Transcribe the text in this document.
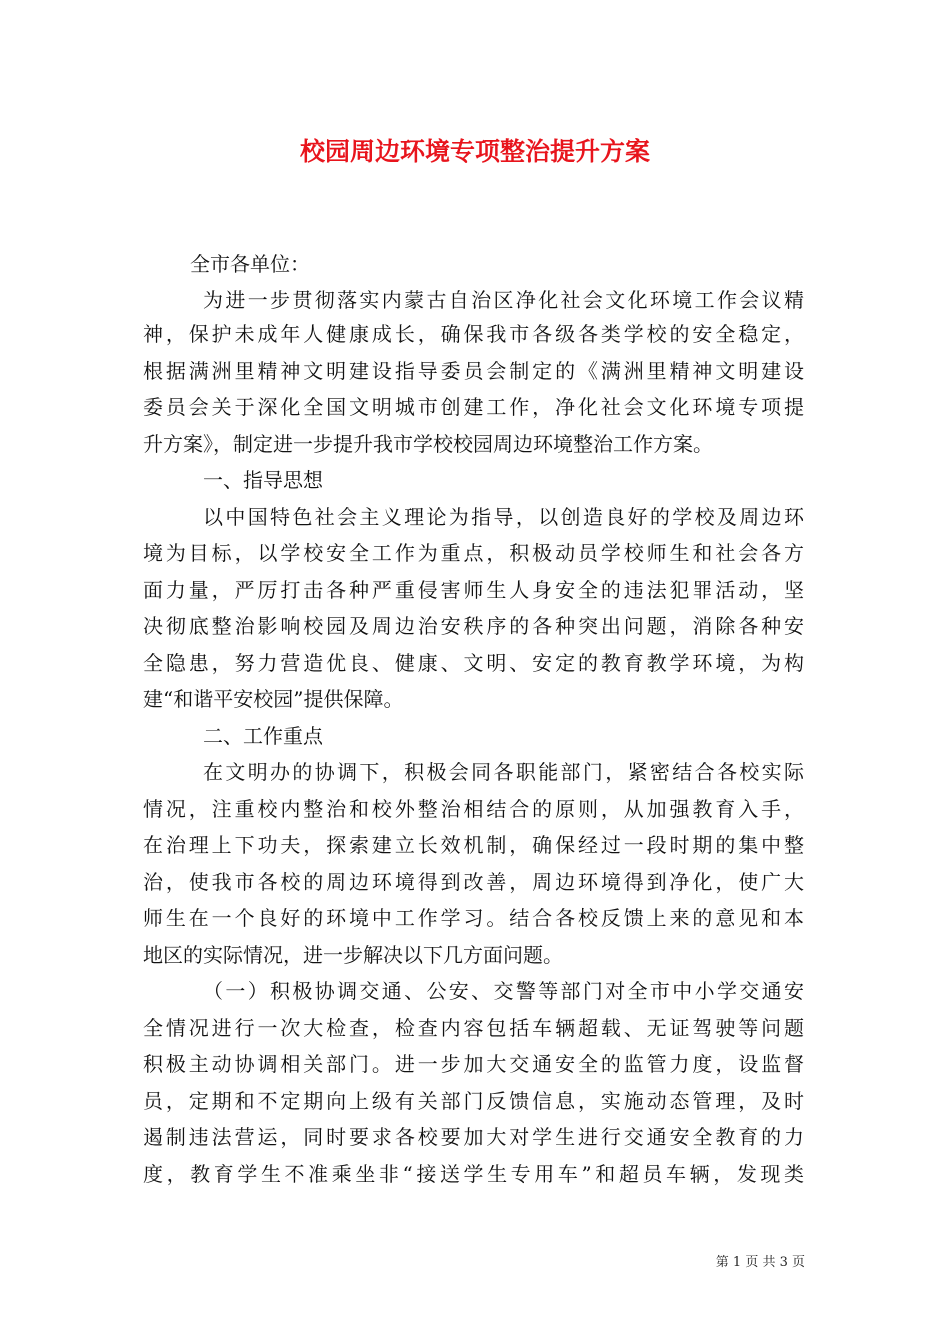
校园周边环境专项整治提升方案

全市各单位：

为进一步贯彻落实内蒙古自治区净化社会文化环境工作会议精

神，保护未成年人健康成长，确保我市各级各类学校的安全稳定，

根据满洲里精神文明建设指导委员会制定的《满洲里精神文明建设

委员会关于深化全国文明城市创建工作，净化社会文化环境专项提

升方案》，制定进一步提升我市学校校园周边环境整治工作方案。

一、指导思想

以中国特色社会主义理论为指导，以创造良好的学校及周边环

境为目标，以学校安全工作为重点，积极动员学校师生和社会各方

面力量，严厉打击各种严重侵害师生人身安全的违法犯罪活动，坚

决彻底整治影响校园及周边治安秩序的各种突出问题，消除各种安

全隐患，努力营造优良、健康、文明、安定的教育教学环境，为构

建“和谐平安校园”提供保障。

二、工作重点

在文明办的协调下，积极会同各职能部门，紧密结合各校实际

情况，注重校内整治和校外整治相结合的原则，从加强教育入手，

在治理上下功夫，探索建立长效机制，确保经过一段时期的集中整

治，使我市各校的周边环境得到改善，周边环境得到净化，使广大

师生在一个良好的环境中工作学习。结合各校反馈上来的意见和本

地区的实际情况，进一步解决以下几方面问题。

（一）积极协调交通、公安、交警等部门对全市中小学交通安

全情况进行一次大检查，检查内容包括车辆超载、无证驾驶等问题

积极主动协调相关部门。进一步加大交通安全的监管力度，设监督

员，定期和不定期向上级有关部门反馈信息，实施动态管理，及时

遏制违法营运，同时要求各校要加大对学生进行交通安全教育的力

度，教育学生不准乘坐非“接送学生专用车”和超员车辆，发现类

第 1 页 共 3 页
